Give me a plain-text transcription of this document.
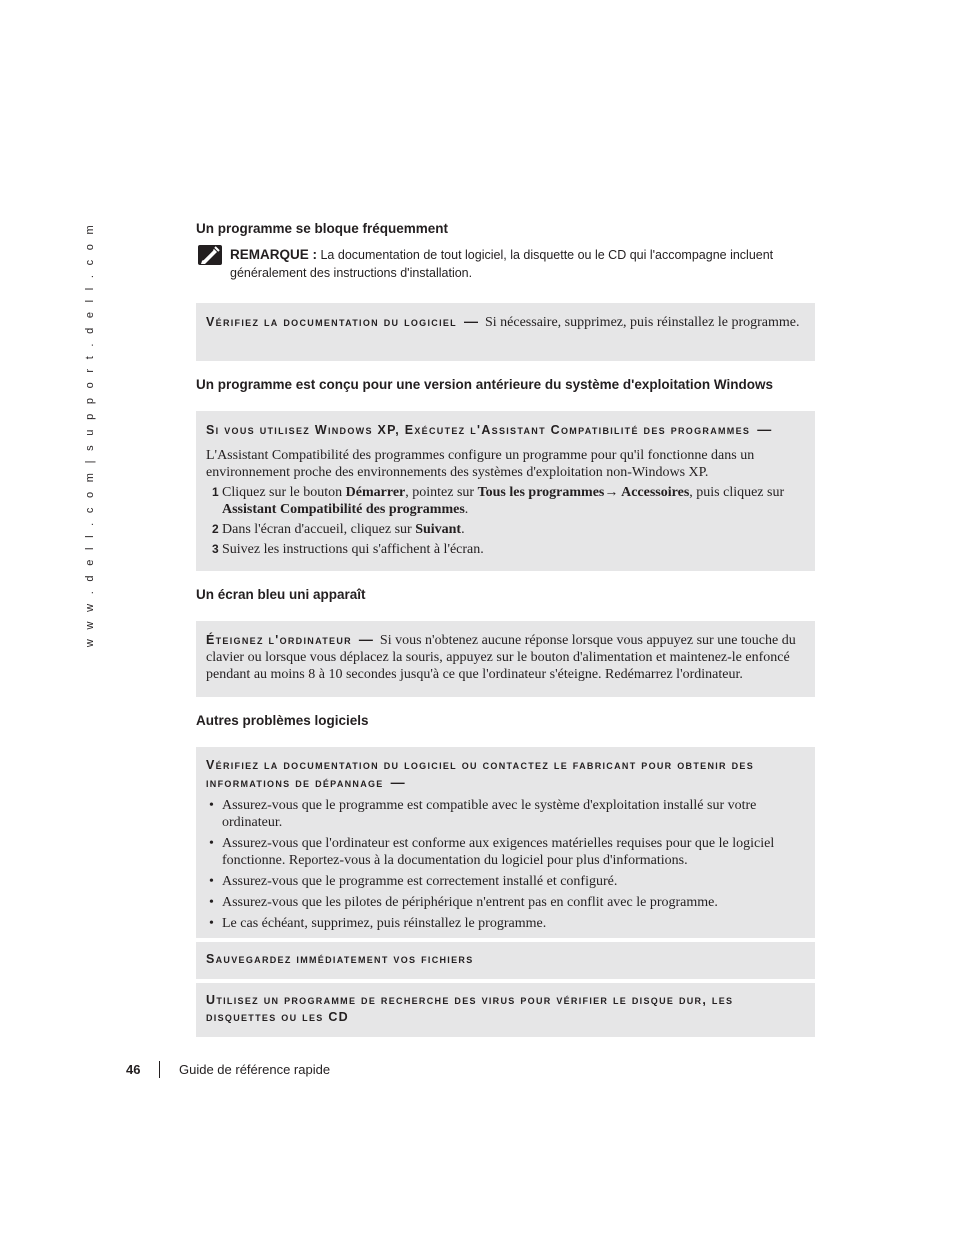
w w w . d e l l . c o m | s u p p o r t . d e l l . c o m	Un programme se bloque fréquemment
REMARQUE : La documentation de tout logiciel, la disquette ou le CD qui l'accompagne incluent
généralement des instructions d'installation.

Vérifiez la documentation du logiciel — Si nécessaire, supprimez, puis réinstallez le programme.

Un programme est conçu pour une version antérieure du système d'exploitation Windows

Si vous utilisez Windows XP, Exécutez l'Assistant Compatibilité des programmes —

L'Assistant Compatibilité des programmes configure un programme pour qu'il fonctionne dans un environnement proche des environnements des systèmes d'exploitation non-Windows XP.

1 Cliquez sur le bouton Démarrer, pointez sur Tous les programmes→ Accessoires, puis cliquez sur Assistant Compatibilité des programmes.
2 Dans l'écran d'accueil, cliquez sur Suivant.
3 Suivez les instructions qui s'affichent à l'écran.
Un écran bleu uni apparaît

Éteignez l'ordinateur — Si vous n'obtenez aucune réponse lorsque vous appuyez sur une touche du clavier ou lorsque vous déplacez la souris, appuyez sur le bouton d'alimentation et maintenez-le enfoncé pendant au moins 8 à 10 secondes jusqu'à ce que l'ordinateur s'éteigne. Redémarrez l'ordinateur.

Autres problèmes logiciels

Vérifiez la documentation du logiciel ou contactez le fabricant pour obtenir des informations de dépannage —

• Assurez-vous que le programme est compatible avec le système d'exploitation installé sur votre ordinateur.
• Assurez-vous que l'ordinateur est conforme aux exigences matérielles requises pour que le logiciel fonctionne. Reportez-vous à la documentation du logiciel pour plus d'informations.
• Assurez-vous que le programme est correctement installé et configuré.
• Assurez-vous que les pilotes de périphérique n'entrent pas en conflit avec le programme.
• Le cas échéant, supprimez, puis réinstallez le programme.

Sauvegardez immédiatement vos fichiers

Utilisez un programme de recherche des virus pour vérifier le disque dur, les disquettes ou les CD

46	Guide de référence rapide
